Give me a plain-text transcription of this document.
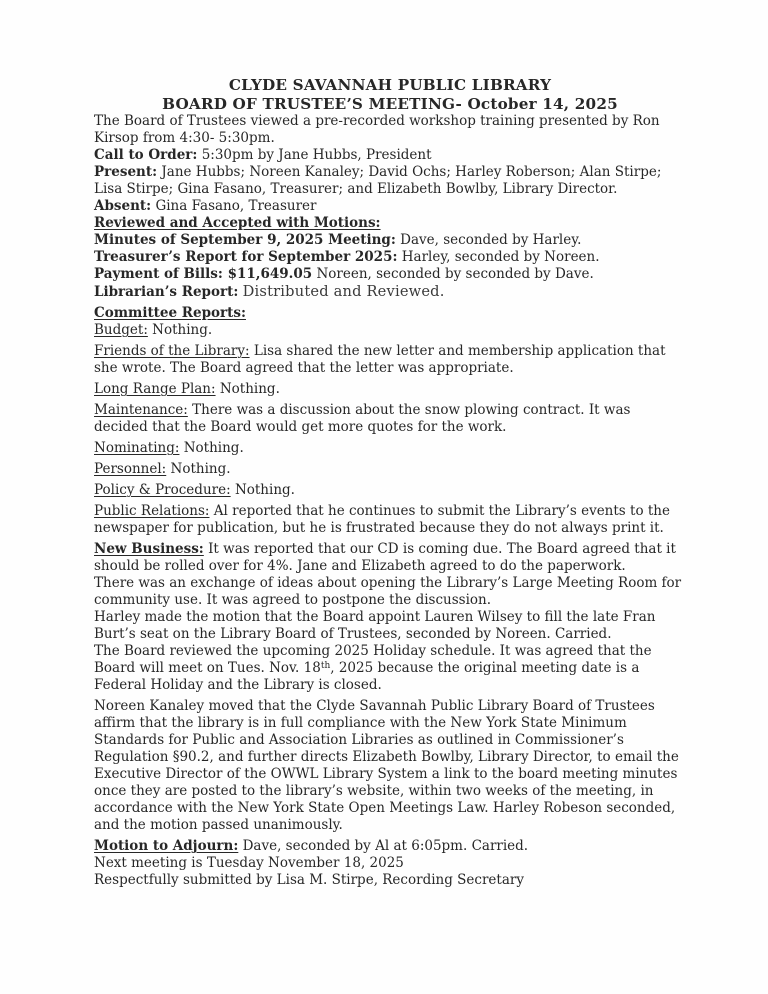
CLYDE SAVANNAH PUBLIC LIBRARY
BOARD OF TRUSTEE’S MEETING- October 14, 2025

The Board of Trustees viewed a pre-recorded workshop training presented by Ron Kirsop from 4:30- 5:30pm.

Call to Order: 5:30pm by Jane Hubbs, President

Present: Jane Hubbs; Noreen Kanaley; David Ochs; Harley Roberson; Alan Stirpe; Lisa Stirpe; Gina Fasano, Treasurer; and Elizabeth Bowlby, Library Director.

Absent: Gina Fasano, Treasurer

Reviewed and Accepted with Motions:

Minutes of September 9, 2025 Meeting: Dave, seconded by Harley.

Treasurer’s Report for September 2025: Harley, seconded by Noreen.

Payment of Bills: $11,649.05 Noreen, seconded by seconded by Dave.

Librarian’s Report: Distributed and Reviewed.

Committee Reports:

Budget: Nothing.

Friends of the Library: Lisa shared the new letter and membership application that she wrote. The Board agreed that the letter was appropriate.

Long Range Plan: Nothing.

Maintenance: There was a discussion about the snow plowing contract. It was decided that the Board would get more quotes for the work.

Nominating: Nothing.

Personnel: Nothing.

Policy & Procedure: Nothing.

Public Relations: Al reported that he continues to submit the Library’s events to the newspaper for publication, but he is frustrated because they do not always print it.

New Business: It was reported that our CD is coming due. The Board agreed that it should be rolled over for 4%. Jane and Elizabeth agreed to do the paperwork.

There was an exchange of ideas about opening the Library’s Large Meeting Room for community use. It was agreed to postpone the discussion.

Harley made the motion that the Board appoint Lauren Wilsey to fill the late Fran Burt’s seat on the Library Board of Trustees, seconded by Noreen. Carried.

The Board reviewed the upcoming 2025 Holiday schedule. It was agreed that the Board will meet on Tues. Nov. 18th, 2025 because the original meeting date is a Federal Holiday and the Library is closed.

Noreen Kanaley moved that the Clyde Savannah Public Library Board of Trustees affirm that the library is in full compliance with the New York State Minimum Standards for Public and Association Libraries as outlined in Commissioner’s Regulation §90.2, and further directs Elizabeth Bowlby, Library Director, to email the Executive Director of the OWWL Library System a link to the board meeting minutes once they are posted to the library’s website, within two weeks of the meeting, in accordance with the New York State Open Meetings Law. Harley Robeson seconded, and the motion passed unanimously.

Motion to Adjourn: Dave, seconded by Al at 6:05pm. Carried.

Next meeting is Tuesday November 18, 2025

Respectfully submitted by Lisa M. Stirpe, Recording Secretary
